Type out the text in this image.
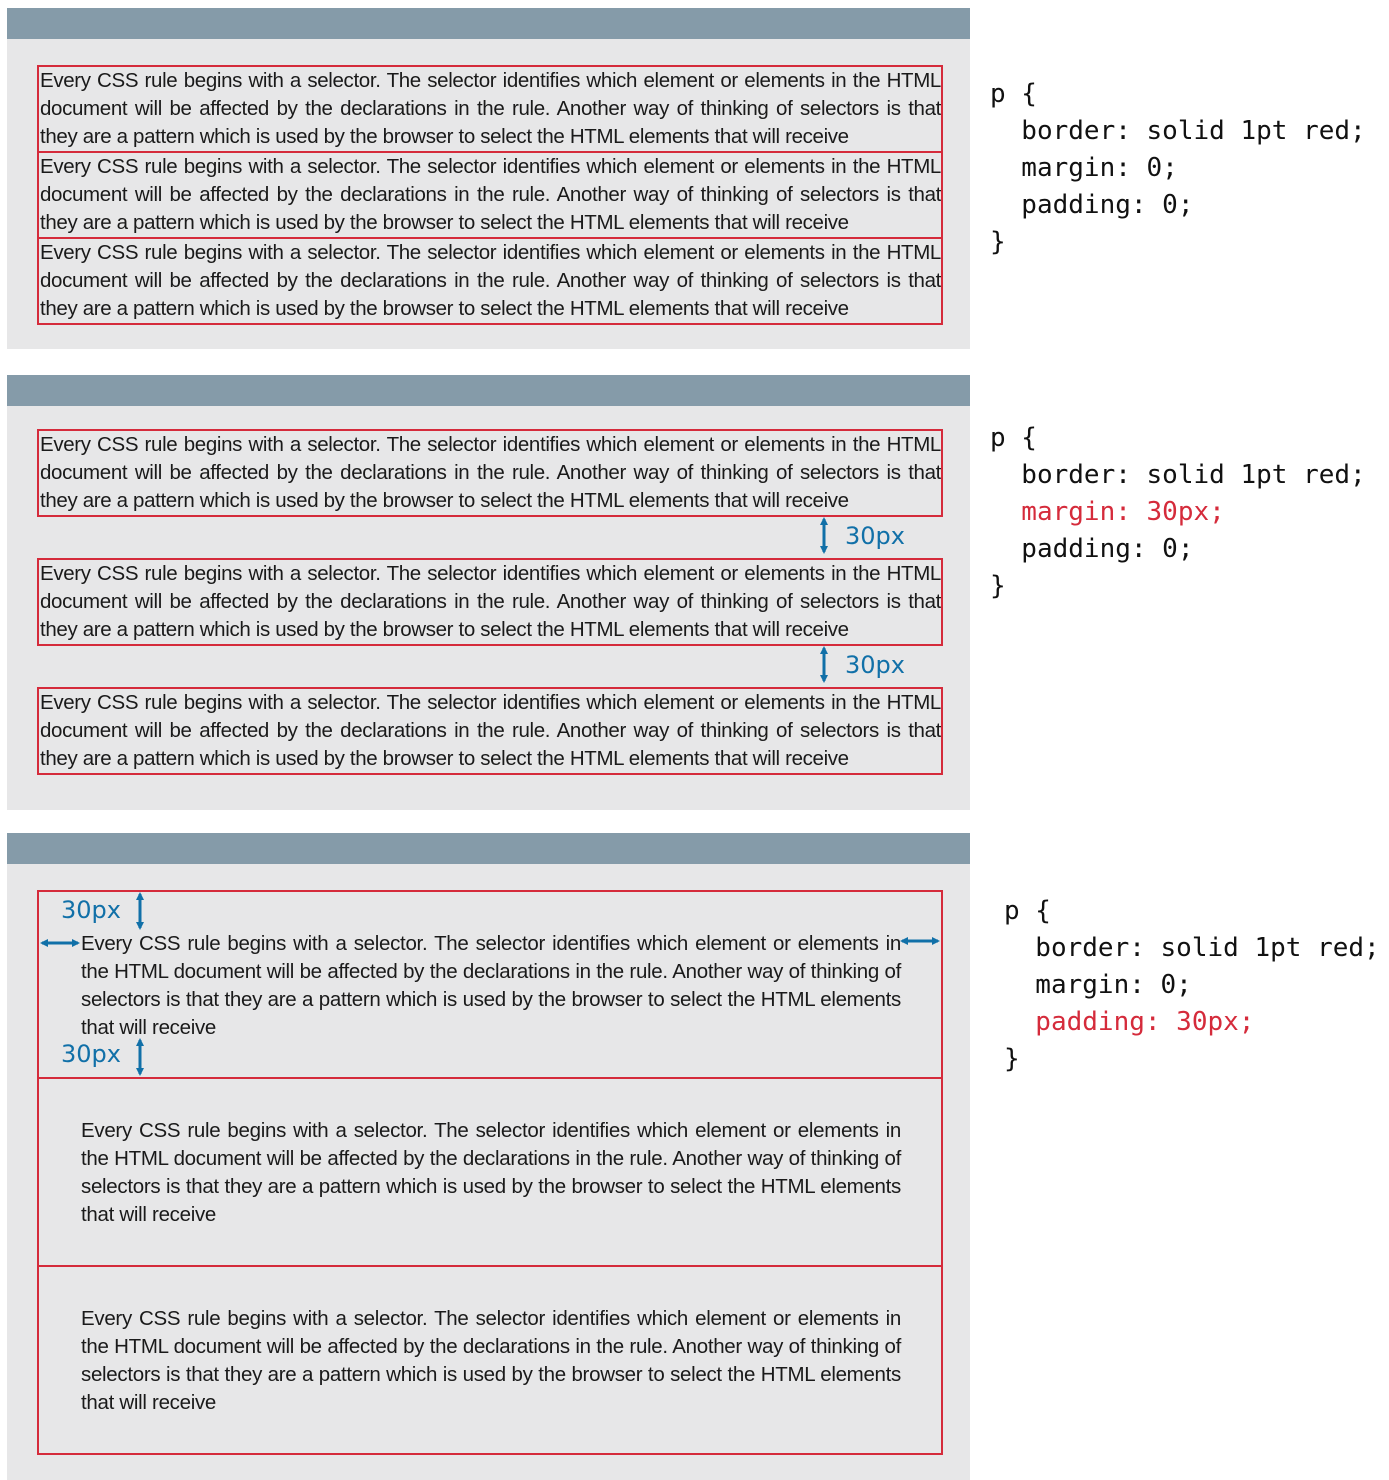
Every CSS rule begins with a selector. The selector identifies which element or elements in the HTML document will be affected by the declarations in the rule. Another way of thinking of selectors is that they are a pattern which is used by the browser to select the HTML elements that will receive
Every CSS rule begins with a selector. The selector identifies which element or elements in the HTML document will be affected by the declarations in the rule. Another way of thinking of selectors is that they are a pattern which is used by the browser to select the HTML elements that will receive
Every CSS rule begins with a selector. The selector identifies which element or elements in the HTML document will be affected by the declarations in the rule. Another way of thinking of selectors is that they are a pattern which is used by the browser to select the HTML elements that will receive
p {
border: solid 1pt red;
margin: 0;
padding: 0;
}
Every CSS rule begins with a selector. The selector identifies which element or elements in the HTML document will be affected by the declarations in the rule. Another way of thinking of selectors is that they are a pattern which is used by the browser to select the HTML elements that will receive
Every CSS rule begins with a selector. The selector identifies which element or elements in the HTML document will be affected by the declarations in the rule. Another way of thinking of selectors is that they are a pattern which is used by the browser to select the HTML elements that will receive
Every CSS rule begins with a selector. The selector identifies which element or elements in the HTML document will be affected by the declarations in the rule. Another way of thinking of selectors is that they are a pattern which is used by the browser to select the HTML elements that will receive
30px
30px
p {
border: solid 1pt red;
margin: 30px;
padding: 0;
}
Every CSS rule begins with a selector. The selector identifies which element or elements in the HTML document will be affected by the declarations in the rule. Another way of thinking of selectors is that they are a pattern which is used by the browser to select the HTML elements that will receive
Every CSS rule begins with a selector. The selector identifies which element or elements in the HTML document will be affected by the declarations in the rule. Another way of thinking of selectors is that they are a pattern which is used by the browser to select the HTML elements that will receive
Every CSS rule begins with a selector. The selector identifies which element or elements in the HTML document will be affected by the declarations in the rule. Another way of thinking of selectors is that they are a pattern which is used by the browser to select the HTML elements that will receive
30px
30px
p {
border: solid 1pt red;
margin: 0;
padding: 30px;
}
